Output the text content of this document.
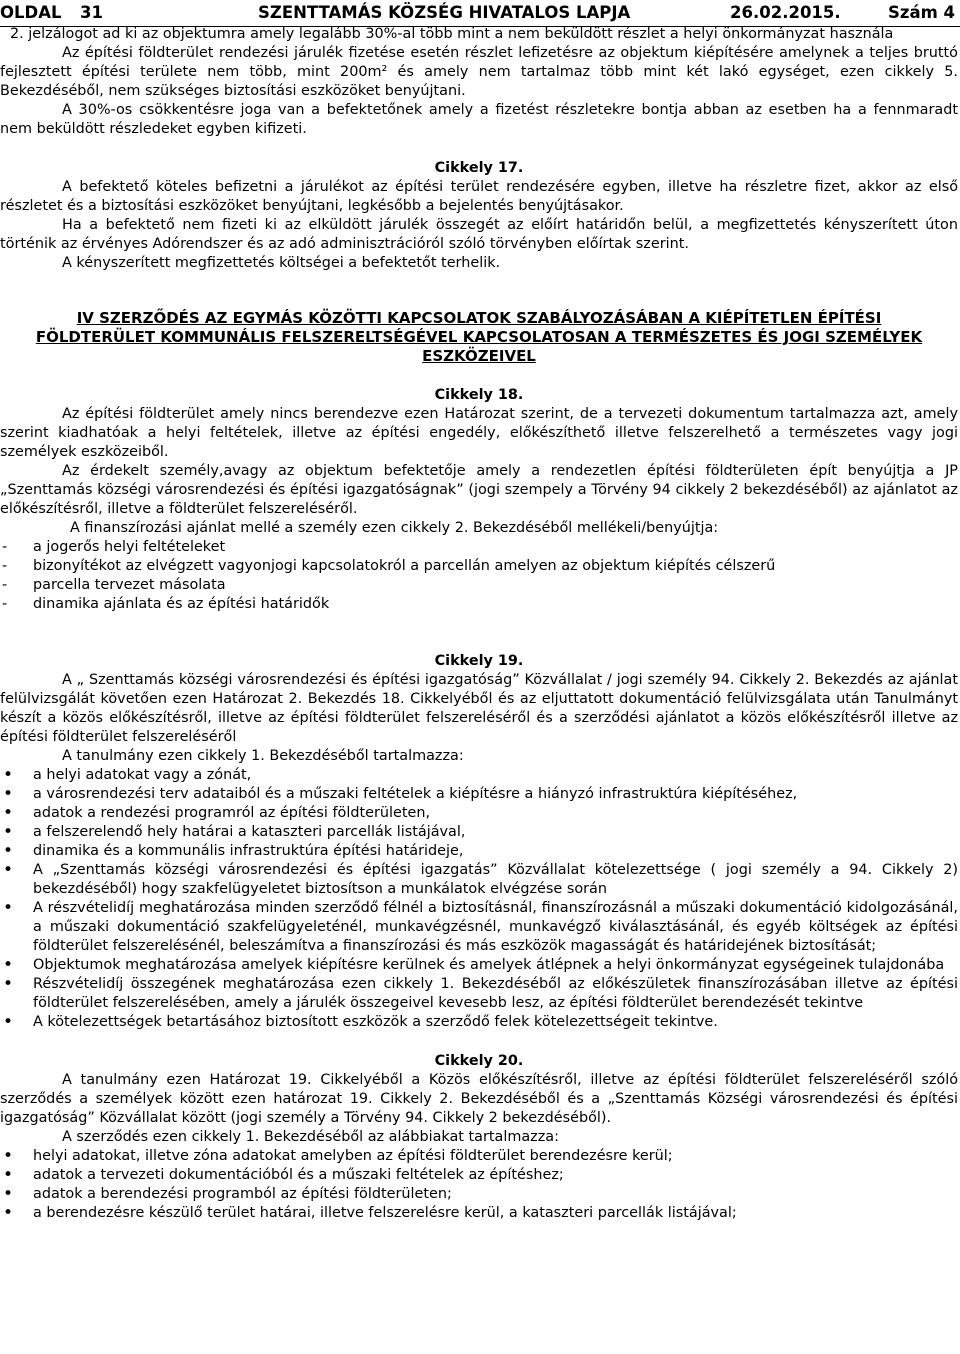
OLDAL 31	SZENTTAMÁS KÖZSÉG HIVATALOS LAPJA	26.02.2015.	Szám 4

2. jelzálogot ad ki az objektumra amely legalább 30%-al több mint a nem beküldött részlet a helyi önkormányzat használa

Az építési földterület rendezési járulék fizetése esetén részlet lefizetésre az objektum kiépítésére amelynek a teljes bruttó fejlesztett építési területe nem több, mint 200m² és amely nem tartalmaz több mint két lakó egységet, ezen cikkely 5. Bekezdéséből, nem szükséges biztosítási eszközöket benyújtani.

A 30%-os csökkentésre joga van a befektetőnek amely a fizetést részletekre bontja abban az esetben ha a fennmaradt nem beküldött részledeket egyben kifizeti.

Cikkely 17.

A befektető köteles befizetni a járulékot az építési terület rendezésére egyben, illetve ha részletre fizet, akkor az első részletet és a biztosítási eszközöket benyújtani, legkésőbb a bejelentés benyújtásakor.

Ha a befektető nem fizeti ki az elküldött járulék összegét az előírt határidőn belül, a megfizettetés kényszerített úton történik az érvényes Adórendszer és az adó adminisztrációról szóló törvényben előírtak szerint.

A kényszerített megfizettetés költségei a befektetőt terhelik.

IV SZERZŐDÉS AZ EGYMÁS KÖZÖTTI KAPCSOLATOK SZABÁLYOZÁSÁBAN A KIÉPÍTETLEN ÉPÍTÉSI FÖLDTERÜLET KOMMUNÁLIS FELSZERELTSÉGÉVEL KAPCSOLATOSAN A TERMÉSZETES ÉS JOGI SZEMÉLYEK ESZKÖZEIVEL

Cikkely 18.

Az építési földterület amely nincs berendezve ezen Határozat szerint, de a tervezeti dokumentum tartalmazza azt, amely szerint kiadhatóak a helyi feltételek, illetve az építési engedély, előkészíthető illetve felszerelhető a természetes vagy jogi személyek eszközeiből.

Az érdekelt személy,avagy az objektum befektetője amely a rendezetlen építési földterületen épít benyújtja a JP „Szenttamás községi városrendezési és építési igazgatóságnak” (jogi szempely a Törvény 94 cikkely 2 bekezdéséből) az ajánlatot az előkészítésről, illetve a földterület felszereléséről.

A finanszírozási ajánlat mellé a személy ezen cikkely 2. Bekezdéséből mellékeli/benyújtja:

- a jogerős helyi feltételeket
- bizonyítékot az elvégzett vagyonjogi kapcsolatokról a parcellán amelyen az objektum kiépítés célszerű
- parcella tervezet másolata
- dinamika ajánlata és az építési határidők

Cikkely 19.

A „ Szenttamás községi városrendezési és építési igazgatóság” Közvállalat / jogi személy 94. Cikkely 2. Bekezdés az ajánlat felülvizsgálát követően ezen Határozat 2. Bekezdés 18. Cikkelyéből és az eljuttatott dokumentáció felülvizsgálata után Tanulmányt készít a közös előkészítésről, illetve az építési földterület felszereléséről és a szerződési ajánlatot a közös előkészítésről illetve az építési földterület felszereléséről

A tanulmány ezen cikkely 1. Bekezdéséből tartalmazza:

• a helyi adatokat vagy a zónát,
• a városrendezési terv adataiból és a műszaki feltételek a kiépítésre a hiányzó infrastruktúra kiépítéséhez,
• adatok a rendezési programról az építési földterületen,
• a felszerelendő hely határai a kataszteri parcellák listájával,
• dinamika és a kommunális infrastruktúra építési határideje,
• A „Szenttamás községi városrendezési és építési igazgatás” Közvállalat kötelezettsége ( jogi személy a 94. Cikkely 2) bekezdéséből) hogy szakfelügyeletet biztosítson a munkálatok elvégzése során
• A részvételidíj meghatározása minden szerződő félnél a biztosításnál, finanszírozásnál a műszaki dokumentáció kidolgozásánál, a műszaki dokumentáció szakfelügyeleténél, munkavégzésnél, munkavégző kiválasztásánál, és egyéb költségek az építési földterület felszerelésénél, beleszámítva a finanszírozási és más eszközök magasságát és határidejének biztosítását;
• Objektumok meghatározása amelyek kiépítésre kerülnek és amelyek átlépnek a helyi önkormányzat egységeinek tulajdonába
• Részvételidíj összegének meghatározása ezen cikkely 1. Bekezdéséből az előkészületek finanszírozásában illetve az építési földterület felszerelésében, amely a járulék összegeivel kevesebb lesz, az építési földterület berendezését tekintve
• A kötelezettségek betartásához biztosított eszközök a szerződő felek kötelezettségeit tekintve.

Cikkely 20.

A tanulmány ezen Határozat 19. Cikkelyéből a Közös előkészítésről, illetve az építési földterület felszereléséről szóló szerződés a személyek között ezen határozat 19. Cikkely 2. Bekezdéséből és a „Szenttamás Községi városrendezési és építési igazgatóság” Közvállalat között (jogi személy a Törvény 94. Cikkely 2 bekezdéséből).

A szerződés ezen cikkely 1. Bekezdéséből az alábbiakat tartalmazza:

• helyi adatokat, illetve zóna adatokat amelyben az építési földterület berendezésre kerül;
• adatok a tervezeti dokumentációból és a műszaki feltételek az építéshez;
• adatok a berendezési programból az építési földterületen;
• a berendezésre készülő terület határai, illetve felszerelésre kerül, a kataszteri parcellák listájával;
